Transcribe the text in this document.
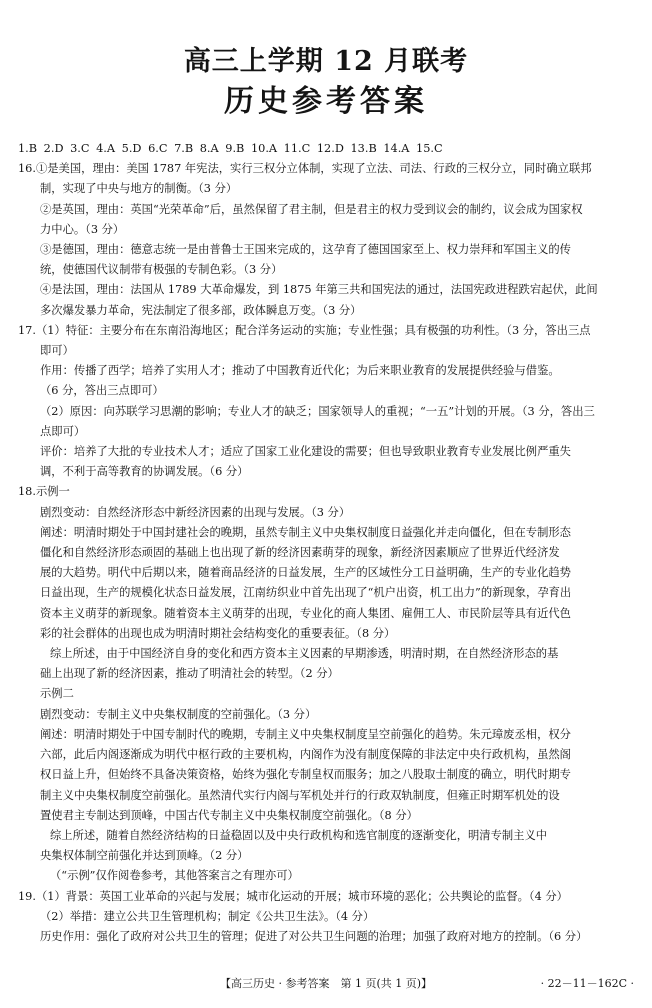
高三上学期 12 月联考
历史参考答案
1.B 2.D 3.C 4.A 5.D 6.C 7.B 8.A 9.B 10.A 11.C 12.D 13.B 14.A 15.C
16.①是美国，理由：美国 1787 年宪法，实行三权分立体制，实现了立法、司法、行政的三权分立，同时确立联邦
制，实现了中央与地方的制衡。（3 分）
②是英国，理由：英国“光荣革命”后，虽然保留了君主制，但是君主的权力受到议会的制约，议会成为国家权
力中心。（3 分）
③是德国，理由：德意志统一是由普鲁士王国来完成的，这孕育了德国国家至上、权力崇拜和军国主义的传
统，使德国代议制带有极强的专制色彩。（3 分）
④是法国，理由：法国从 1789 大革命爆发，到 1875 年第三共和国宪法的通过，法国宪政进程跌宕起伏，此间
多次爆发暴力革命，宪法制定了很多部，政体瞬息万变。（3 分）
17.（1）特征：主要分布在东南沿海地区；配合洋务运动的实施；专业性强；具有极强的功利性。（3 分，答出三点
即可）
作用：传播了西学；培养了实用人才；推动了中国教育近代化；为后来职业教育的发展提供经验与借鉴。
（6 分，答出三点即可）
（2）原因：向苏联学习思潮的影响；专业人才的缺乏；国家领导人的重视；“一五”计划的开展。（3 分，答出三
点即可）
评价：培养了大批的专业技术人才；适应了国家工业化建设的需要；但也导致职业教育专业发展比例严重失
调，不利于高等教育的协调发展。（6 分）
18.示例一
剧烈变动：自然经济形态中新经济因素的出现与发展。（3 分）
阐述：明清时期处于中国封建社会的晚期，虽然专制主义中央集权制度日益强化并走向僵化，但在专制形态
僵化和自然经济形态顽固的基础上也出现了新的经济因素萌芽的现象，新经济因素顺应了世界近代经济发
展的大趋势。明代中后期以来，随着商品经济的日益发展，生产的区域性分工日益明确，生产的专业化趋势
日益出现，生产的规模化状态日益发展，江南纺织业中首先出现了“机户出资，机工出力”的新现象，孕育出
资本主义萌芽的新现象。随着资本主义萌芽的出现，专业化的商人集团、雇佣工人、市民阶层等具有近代色
彩的社会群体的出现也成为明清时期社会结构变化的重要表征。（8 分）
综上所述，由于中国经济自身的变化和西方资本主义因素的早期渗透，明清时期，在自然经济形态的基
础上出现了新的经济因素，推动了明清社会的转型。（2 分）
示例二
剧烈变动：专制主义中央集权制度的空前强化。（3 分）
阐述：明清时期处于中国专制时代的晚期，专制主义中央集权制度呈空前强化的趋势。朱元璋废丞相，权分
六部，此后内阁逐渐成为明代中枢行政的主要机构，内阁作为没有制度保障的非法定中央行政机构，虽然阁
权日益上升，但始终不具备决策资格，始终为强化专制皇权而服务；加之八股取士制度的确立，明代时期专
制主义中央集权制度空前强化。虽然清代实行内阁与军机处并行的行政双轨制度，但雍正时期军机处的设
置使君主专制达到顶峰，中国古代专制主义中央集权制度空前强化。（8 分）
综上所述，随着自然经济结构的日益稳固以及中央行政机构和选官制度的逐渐变化，明清专制主义中
央集权体制空前强化并达到顶峰。（2 分）
（“示例”仅作阅卷参考，其他答案言之有理亦可）
19.（1）背景：英国工业革命的兴起与发展；城市化运动的开展；城市环境的恶化；公共舆论的监督。（4 分）
（2）举措：建立公共卫生管理机构；制定《公共卫生法》。（4 分）
历史作用：强化了政府对公共卫生的管理；促进了对公共卫生问题的治理；加强了政府对地方的控制。（6 分）
【高三历史 · 参考答案　第 1 页(共 1 页)】	· 22－11－162C ·
